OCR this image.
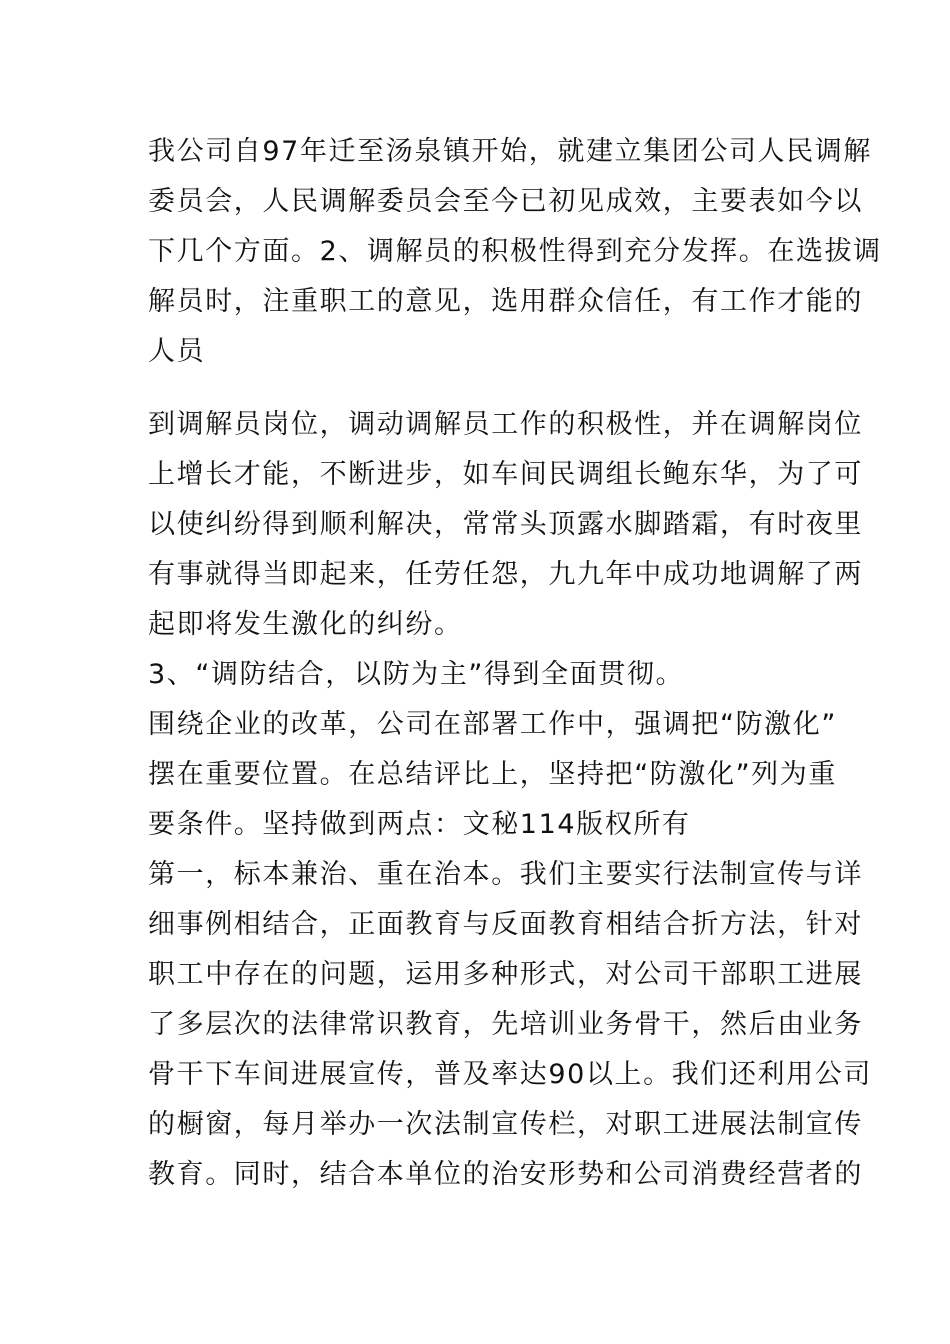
我公司自97年迁至汤泉镇开始，就建立集团公司人民调解
委员会，人民调解委员会至今已初见成效，主要表如今以
下几个方面。2、调解员的积极性得到充分发挥。在选拔调
解员时，注重职工的意见，选用群众信任，有工作才能的
人员
到调解员岗位，调动调解员工作的积极性，并在调解岗位
上增长才能，不断进步，如车间民调组长鲍东华，为了可
以使纠纷得到顺利解决，常常头顶露水脚踏霜，有时夜里
有事就得当即起来，任劳任怨，九九年中成功地调解了两
起即将发生激化的纠纷。
3、“调防结合，以防为主”得到全面贯彻。
围绕企业的改革，公司在部署工作中，强调把“防激化”
摆在重要位置。在总结评比上，坚持把“防激化”列为重
要条件。坚持做到两点：文秘114版权所有
第一，标本兼治、重在治本。我们主要实行法制宣传与详
细事例相结合，正面教育与反面教育相结合折方法，针对
职工中存在的问题，运用多种形式，对公司干部职工进展
了多层次的法律常识教育，先培训业务骨干，然后由业务
骨干下车间进展宣传，普及率达90以上。我们还利用公司
的橱窗，每月举办一次法制宣传栏，对职工进展法制宣传
教育。同时，结合本单位的治安形势和公司消费经营者的
